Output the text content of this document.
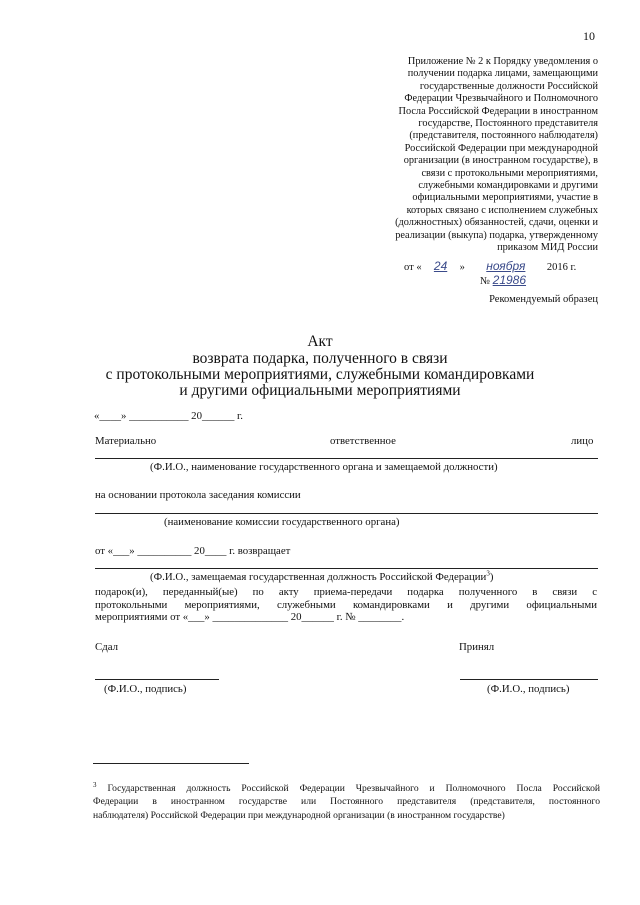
10
Приложение № 2 к Порядку уведомления о
получении подарка лицами, замещающими
государственные должности Российской
Федерации Чрезвычайного и Полномочного
Посла Российской Федерации в иностранном
государстве, Постоянного представителя
(представителя, постоянного наблюдателя)
Российской Федерации при международной
организации (в иностранном государстве), в
связи с протокольными мероприятиями,
служебными командировками и другими
официальными мероприятиями, участие в
которых связано с исполнением служебных
(должностных) обязанностей, сдачи, оценки и
реализации (выкупа) подарка, утвержденному
приказом МИД России
от « 24 » ноября 2016 г.
№ 21986
Рекомендуемый образец
Акт
возврата подарка, полученного в связи
с протокольными мероприятиями, служебными командировками
и другими официальными мероприятиями
«____» ___________ 20______ г.
Материально	ответственное	лицо
(Ф.И.О., наименование государственного органа и замещаемой должности)
на основании протокола заседания комиссии
(наименование комиссии государственного органа)
от «___» __________ 20____ г. возвращает
(Ф.И.О., замещаемая государственная должность Российской Федерации$^3$)
подарок(и), переданный(ые) по акту приема-передачи подарка полученного в связи с
протокольными мероприятиями, служебными командировками и другими официальными
мероприятиями от «___» ______________ 20______ г. № ________.
Сдал	Принял
(Ф.И.О., подпись)	(Ф.И.О., подпись)
$^3$ Государственная должность Российской Федерации Чрезвычайного и Полномочного Посла Российской
Федерации в иностранном государстве или Постоянного представителя (представителя, постоянного
наблюдателя) Российской Федерации при международной организации (в иностранном государстве)
